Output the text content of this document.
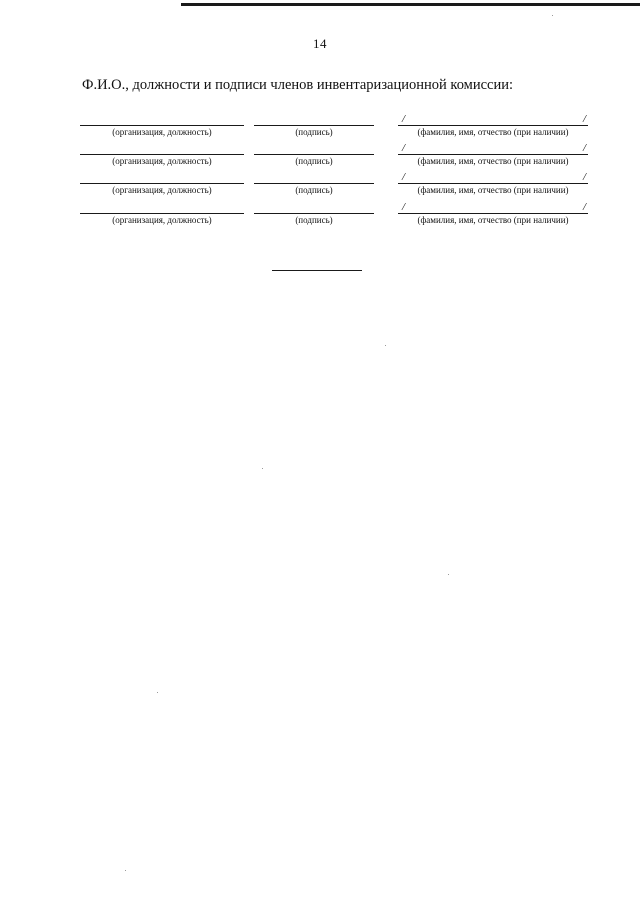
14
Ф.И.О., должности и подписи членов инвентаризационной комиссии:
(организация, должность)	(подпись)
/	/
(фамилия, имя, отчество (при наличии)
(организация, должность)	(подпись)
/	/
(фамилия, имя, отчество (при наличии)
(организация, должность)	(подпись)
/	/
(фамилия, имя, отчество (при наличии)
(организация, должность)	(подпись)
/	/
(фамилия, имя, отчество (при наличии)
